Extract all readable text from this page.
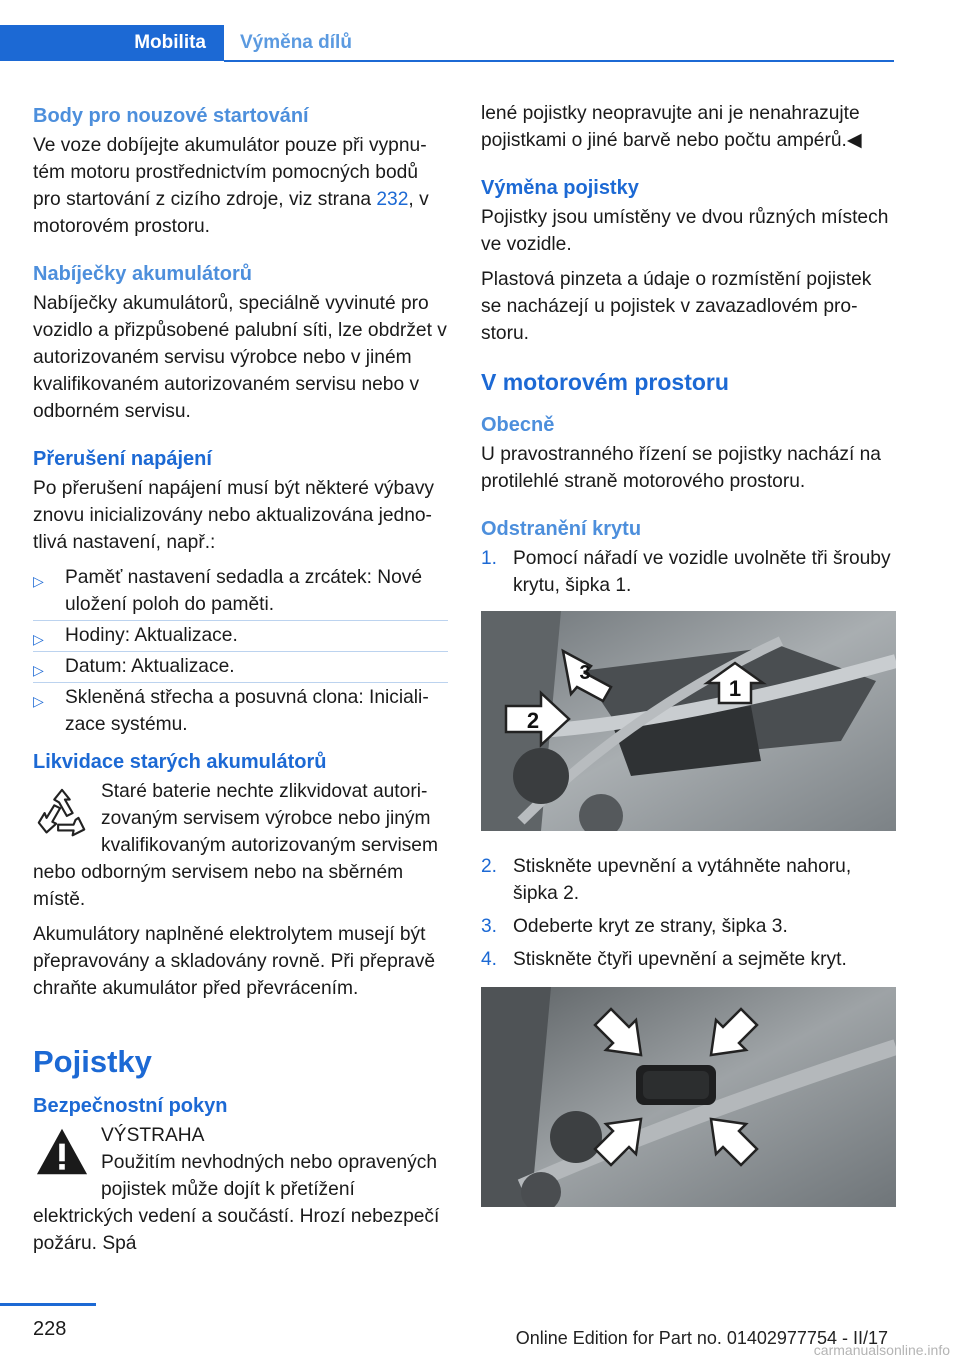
Mobilita	Výměna dílů
Body pro nouzové startování

Ve voze dobíjejte akumulátor pouze při vypnutém motoru prostřednictvím pomocných bodů pro startování z cizího zdroje, viz strana 232, v motorovém prostoru.

Nabíječky akumulátorů

Nabíječky akumulátorů, speciálně vyvinuté pro vozidlo a přizpůsobené palubní síti, lze obdržet v autorizovaném servisu výrobce nebo v jiném kvalifikovaném autorizovaném servisu nebo v odborném servisu.

Přerušení napájení

Po přerušení napájení musí být některé výbavy znovu inicializovány nebo aktualizována jednotlivá nastavení, např.:

▷ Paměť nastavení sedadla a zrcátek: Nové uložení poloh do paměti.
▷ Hodiny: Aktualizace.
▷ Datum: Aktualizace.
▷ Skleněná střecha a posuvná clona: Inicializace systému.
Likvidace starých akumulátorů

Staré baterie nechte zlikvidovat autorizovaným servisem výrobce nebo jiným kvalifikovaným autorizovaným servisem nebo odborným servisem nebo na sběrném místě.

Akumulátory naplněné elektrolytem musejí být přepravovány a skladovány rovně. Při přepravě chraňte akumulátor před převrácením.

Pojistky
Bezpečnostní pokyn

VÝSTRAHA

Použitím nevhodných nebo opravených pojistek může dojít k přetížení elektrických vedení a součástí. Hrozí nebezpečí požáru. Spá

lené pojistky neopravujte ani je nenahrazujte pojistkami o jiné barvě nebo počtu ampérů.◀

Výměna pojistky

Pojistky jsou umístěny ve dvou různých místech ve vozidle.

Plastová pinzeta a údaje o rozmístění pojistek se nacházejí u pojistek v zavazadlovém prostoru.

V motorovém prostoru
Obecně

U pravostranného řízení se pojistky nachází na protilehlé straně motorového prostoru.

Odstranění krytu
1. Pomocí nářadí ve vozidle uvolněte tři šrouby krytu, šipka 1.
1
2
3
2. Stiskněte upevnění a vytáhněte nahoru, šipka 2.
3. Odeberte kryt ze strany, šipka 3.
4. Stiskněte čtyři upevnění a sejměte kryt.
228	Online Edition for Part no. 01402977754 - II/17
carmanualsonline.info
